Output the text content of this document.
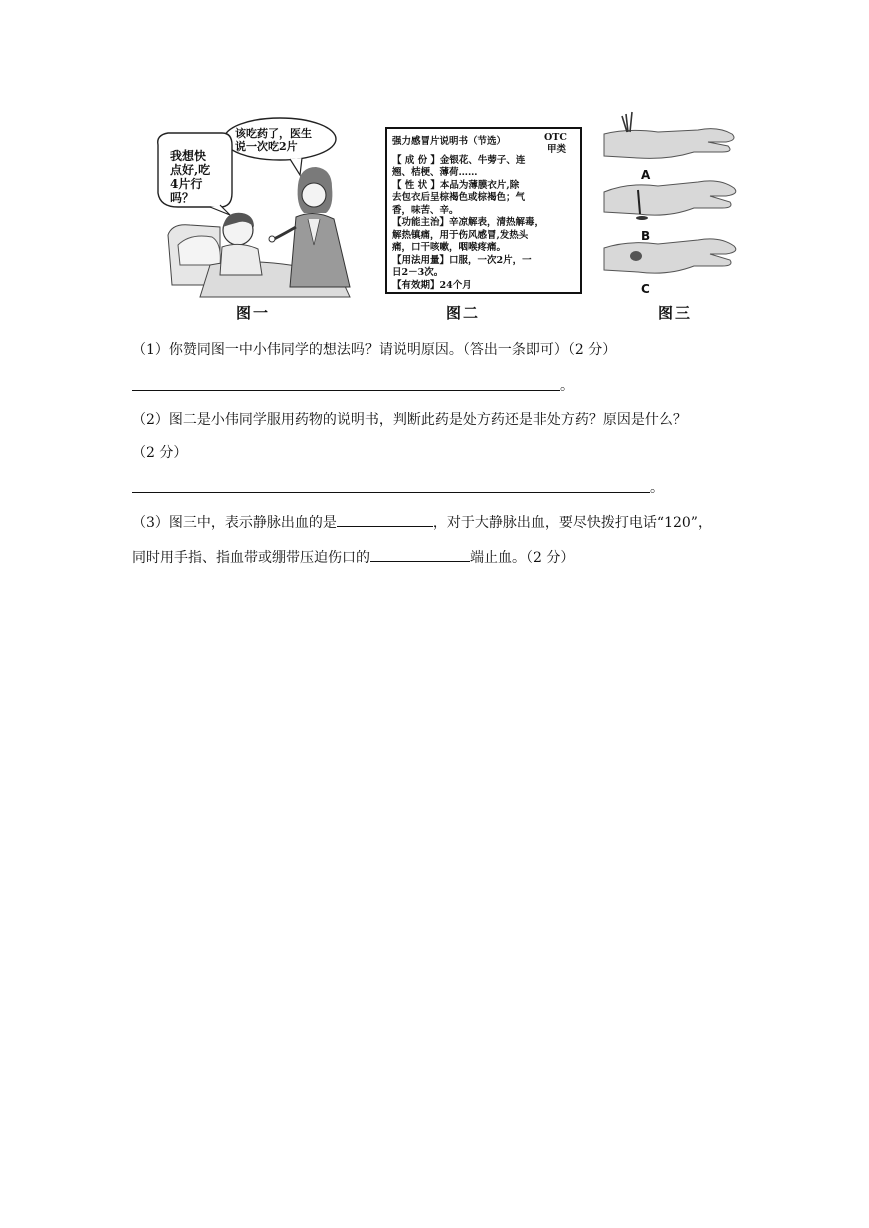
该吃药了，医生
说一次吃2片
我想快
点好,吃
4片行
吗？
图一
OTC
甲类
强力感冒片说明书（节选）
【 成 份 】金银花、牛蒡子、连
翘、桔梗、薄荷……
【 性 状 】本品为薄膜衣片,除
去包衣后呈棕褐色或棕褐色；气
香，味苦、辛。
【功能主治】辛凉解表，清热解毒，
解热镇痛，用于伤风感冒,发热头
痛，口干咳嗽，咽喉疼痛。
【用法用量】口服，一次2片，一
日2－3次。
【有效期】24个月
图二
A
B
C
图三
（1）你赞同图一中小伟同学的想法吗？请说明原因。（答出一条即可）（2 分）
。
（2）图二是小伟同学服用药物的说明书，判断此药是处方药还是非处方药？原因是什么？
（2 分）
。
（3）图三中，表示静脉出血的是	，对于大静脉出血，要尽快拨打电话“120”，
同时用手指、指血带或绷带压迫伤口的	端止血。（2 分）
